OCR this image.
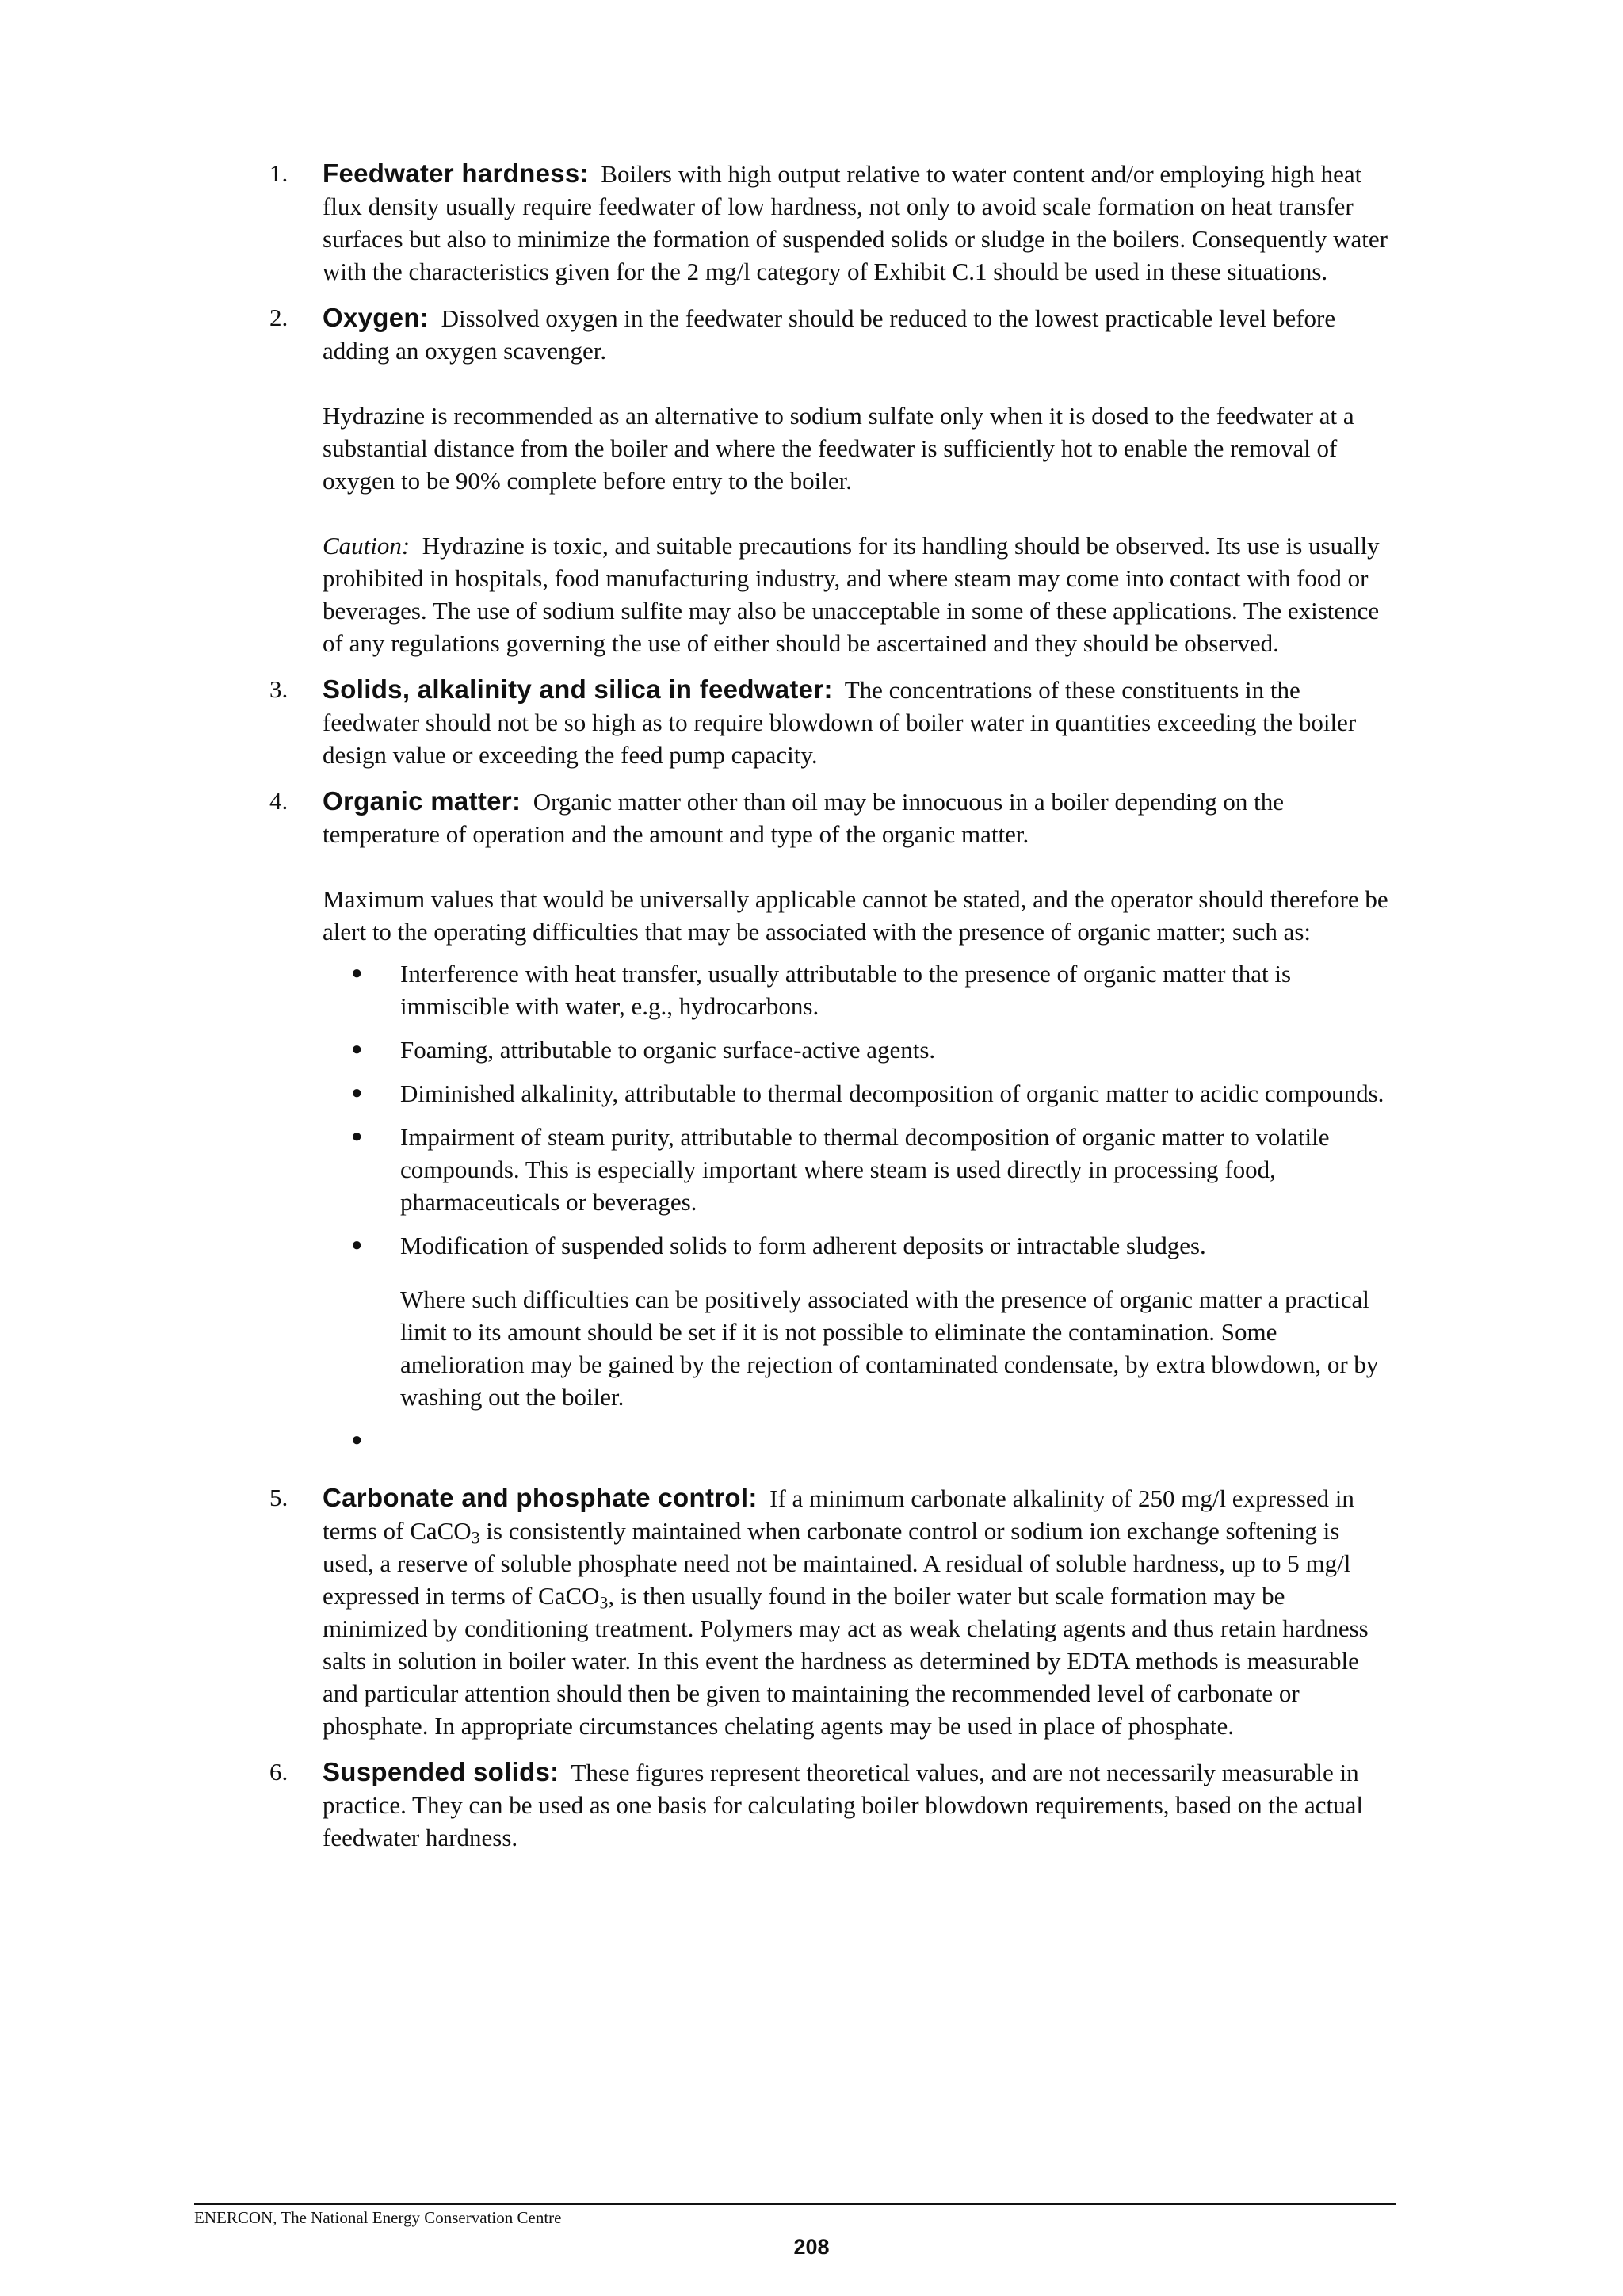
1.	Feedwater hardness: Boilers with high output relative to water content and/or employing high heat flux density usually require feedwater of low hardness, not only to avoid scale formation on heat transfer surfaces but also to minimize the formation of suspended solids or sludge in the boilers. Consequently water with the characteristics given for the 2 mg/l category of Exhibit C.1 should be used in these situations.

2.	Oxygen: Dissolved oxygen in the feedwater should be reduced to the lowest practicable level before adding an oxygen scavenger.

Hydrazine is recommended as an alternative to sodium sulfate only when it is dosed to the feedwater at a substantial distance from the boiler and where the feedwater is sufficiently hot to enable the removal of oxygen to be 90% complete before entry to the boiler.

Caution: Hydrazine is toxic, and suitable precautions for its handling should be observed. Its use is usually prohibited in hospitals, food manufacturing industry, and where steam may come into contact with food or beverages. The use of sodium sulfite may also be unacceptable in some of these applications. The existence of any regulations governing the use of either should be ascertained and they should be observed.

3.	Solids, alkalinity and silica in feedwater: The concentrations of these constituents in the feedwater should not be so high as to require blowdown of boiler water in quantities exceeding the boiler design value or exceeding the feed pump capacity.

4.	Organic matter: Organic matter other than oil may be innocuous in a boiler depending on the temperature of operation and the amount and type of the organic matter.

Maximum values that would be universally applicable cannot be stated, and the operator should therefore be alert to the operating difficulties that may be associated with the presence of organic matter; such as:

●	Interference with heat transfer, usually attributable to the presence of organic matter that is immiscible with water, e.g., hydrocarbons.
●	Foaming, attributable to organic surface-active agents.
●	Diminished alkalinity, attributable to thermal decomposition of organic matter to acidic compounds.
●	Impairment of steam purity, attributable to thermal decomposition of organic matter to volatile compounds. This is especially important where steam is used directly in processing food, pharmaceuticals or beverages.
●	Modification of suspended solids to form adherent deposits or intractable sludges.

Where such difficulties can be positively associated with the presence of organic matter a practical limit to its amount should be set if it is not possible to eliminate the contamination. Some amelioration may be gained by the rejection of contaminated condensate, by extra blowdown, or by washing out the boiler.

●
5.	Carbonate and phosphate control: If a minimum carbonate alkalinity of 250 mg/l expressed in terms of CaCO$_3$ is consistently maintained when carbonate control or sodium ion exchange softening is used, a reserve of soluble phosphate need not be maintained. A residual of soluble hardness, up to 5 mg/l expressed in terms of CaCO$_3$, is then usually found in the boiler water but scale formation may be minimized by conditioning treatment. Polymers may act as weak chelating agents and thus retain hardness salts in solution in boiler water. In this event the hardness as determined by EDTA methods is measurable and particular attention should then be given to maintaining the recommended level of carbonate or phosphate. In appropriate circumstances chelating agents may be used in place of phosphate.

6.	Suspended solids: These figures represent theoretical values, and are not necessarily measurable in practice. They can be used as one basis for calculating boiler blowdown requirements, based on the actual feedwater hardness.

ENERCON, The National Energy Conservation Centre
208
